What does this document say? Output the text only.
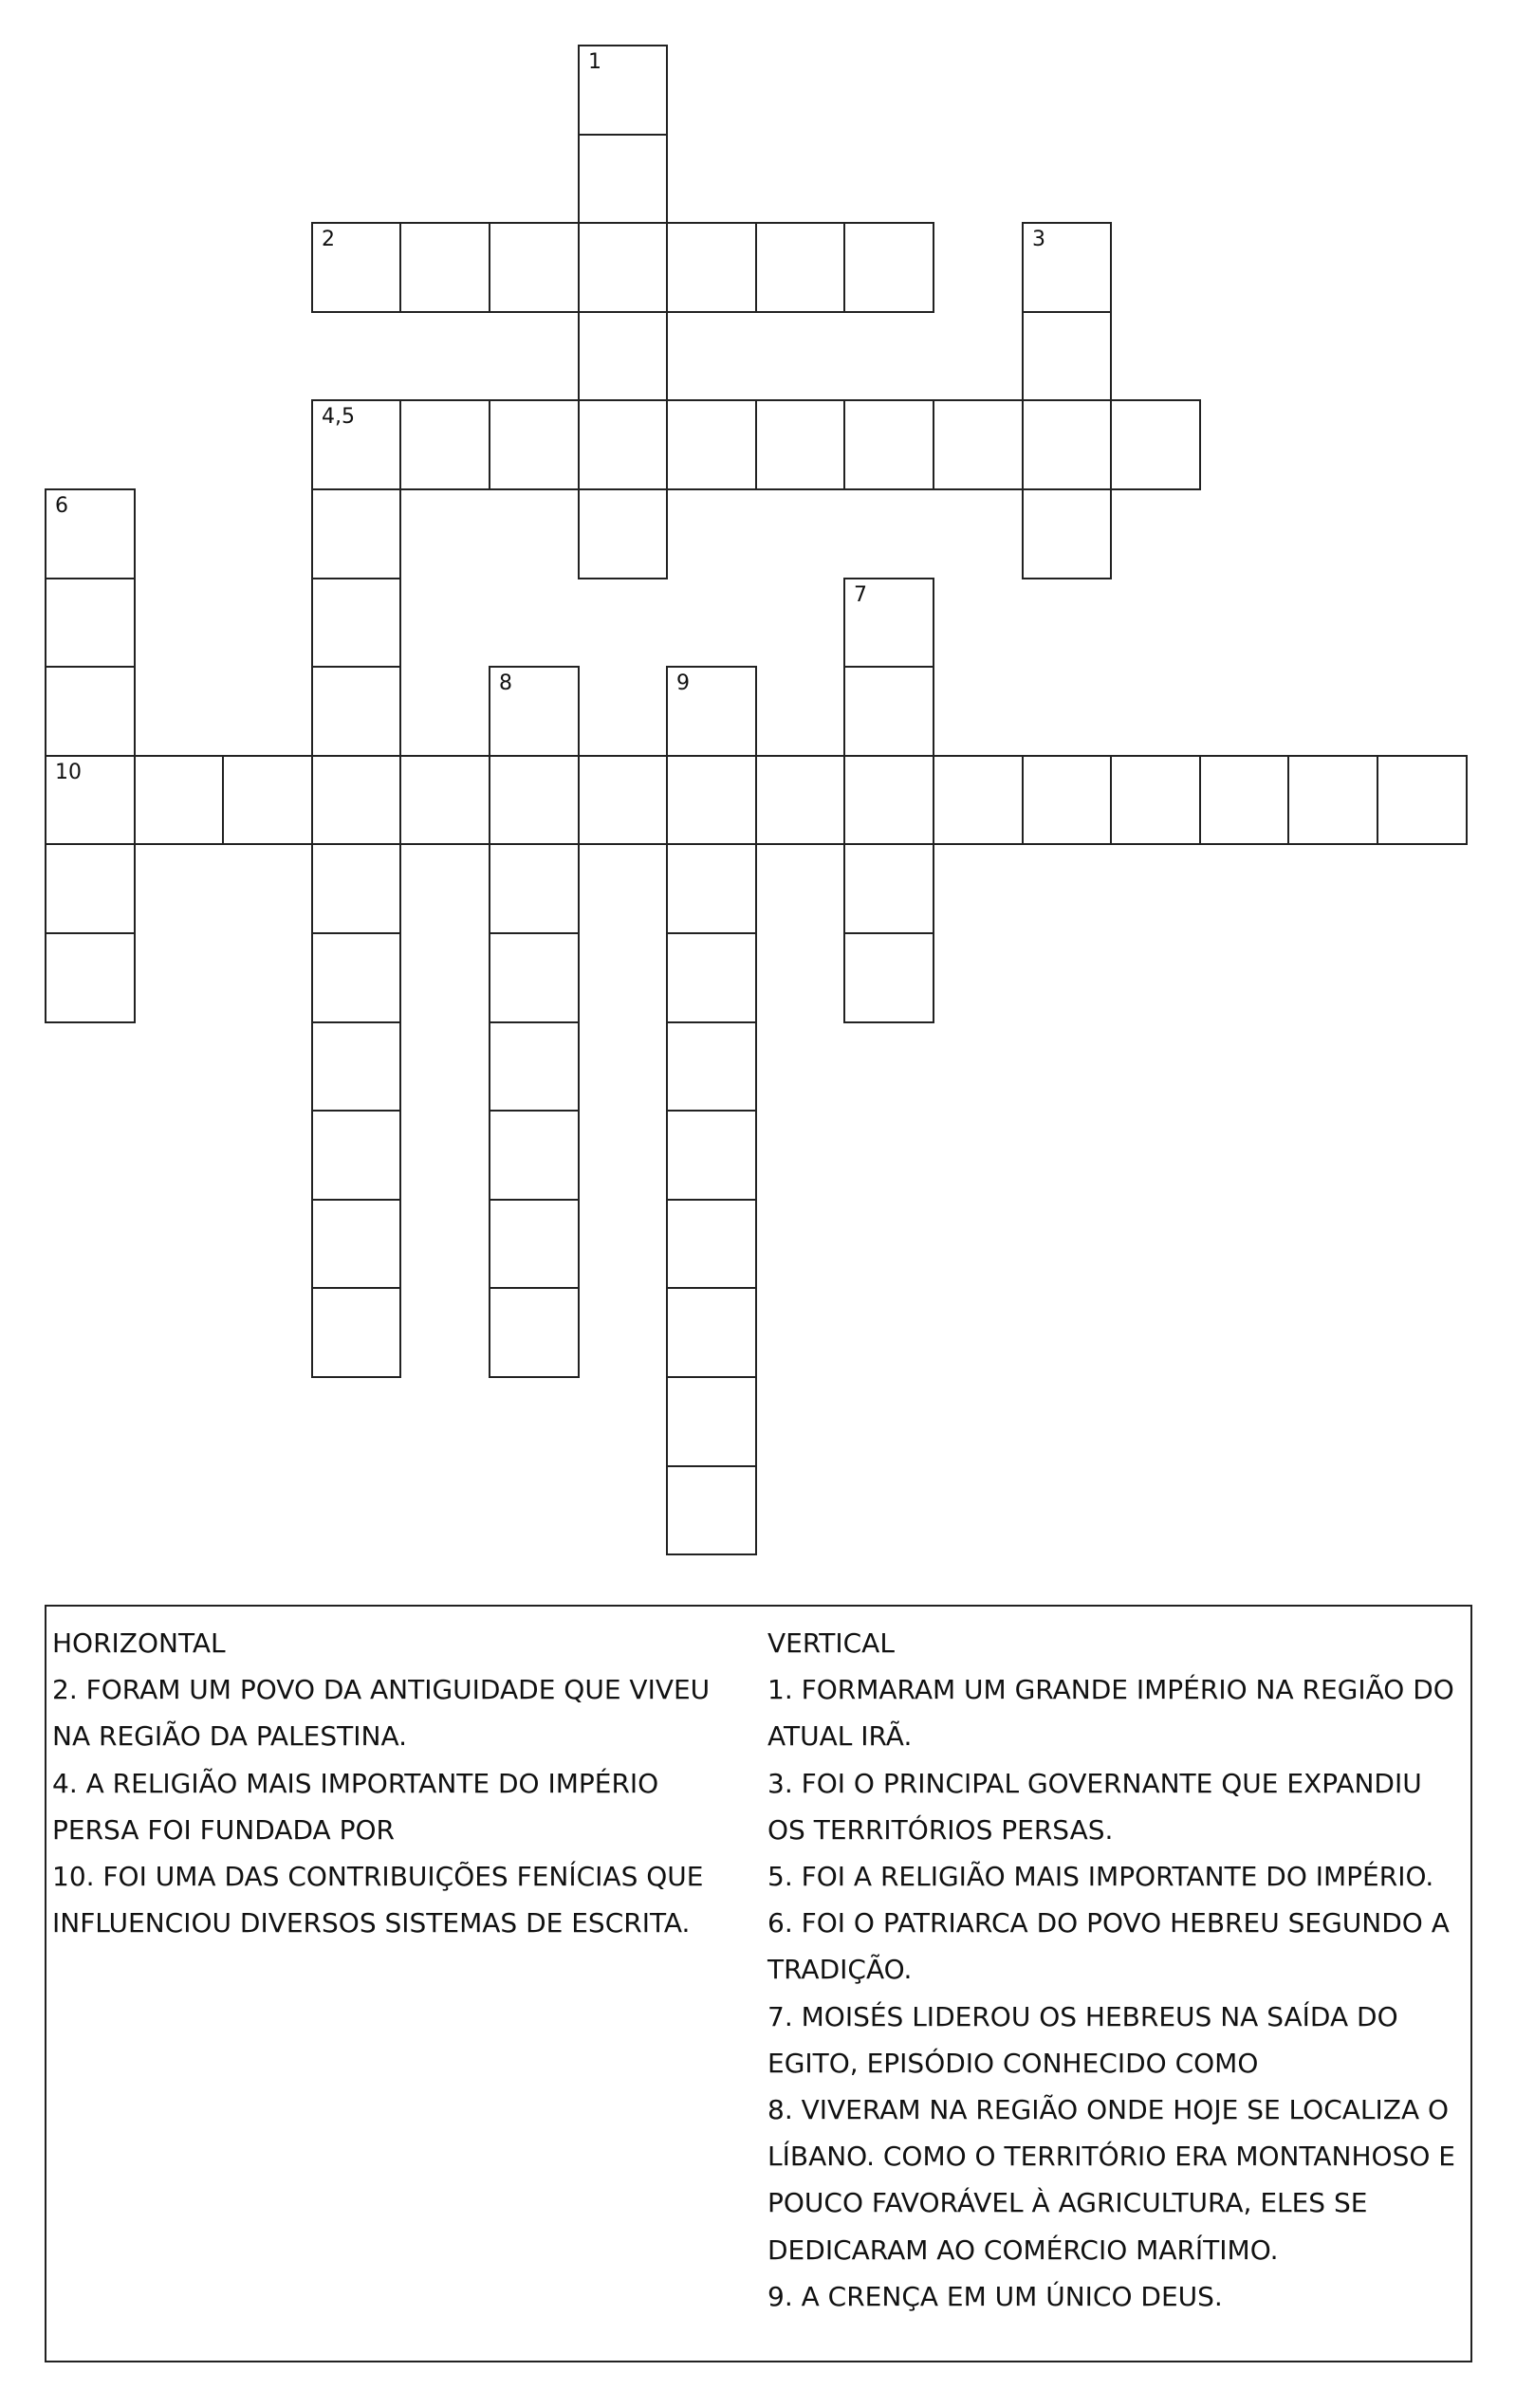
1
2	3
4,5
6
10
7
8	9
HORIZONTAL
2. FORAM UM POVO DA ANTIGUIDADE QUE VIVEU
NA REGIÃO DA PALESTINA.
4. A RELIGIÃO MAIS IMPORTANTE DO IMPÉRIO
PERSA FOI FUNDADA POR
10. FOI UMA DAS CONTRIBUIÇÕES FENÍCIAS QUE
INFLUENCIOU DIVERSOS SISTEMAS DE ESCRITA.
VERTICAL
1. FORMARAM UM GRANDE IMPÉRIO NA REGIÃO DO
ATUAL IRÃ.
3. FOI O PRINCIPAL GOVERNANTE QUE EXPANDIU
OS TERRITÓRIOS PERSAS.
5. FOI A RELIGIÃO MAIS IMPORTANTE DO IMPÉRIO.
6. FOI O PATRIARCA DO POVO HEBREU SEGUNDO A
TRADIÇÃO.
7. MOISÉS LIDEROU OS HEBREUS NA SAÍDA DO
EGITO, EPISÓDIO CONHECIDO COMO
8. VIVERAM NA REGIÃO ONDE HOJE SE LOCALIZA O
LÍBANO. COMO O TERRITÓRIO ERA MONTANHOSO E
POUCO FAVORÁVEL À AGRICULTURA, ELES SE
DEDICARAM AO COMÉRCIO MARÍTIMO.
9. A CRENÇA EM UM ÚNICO DEUS.
